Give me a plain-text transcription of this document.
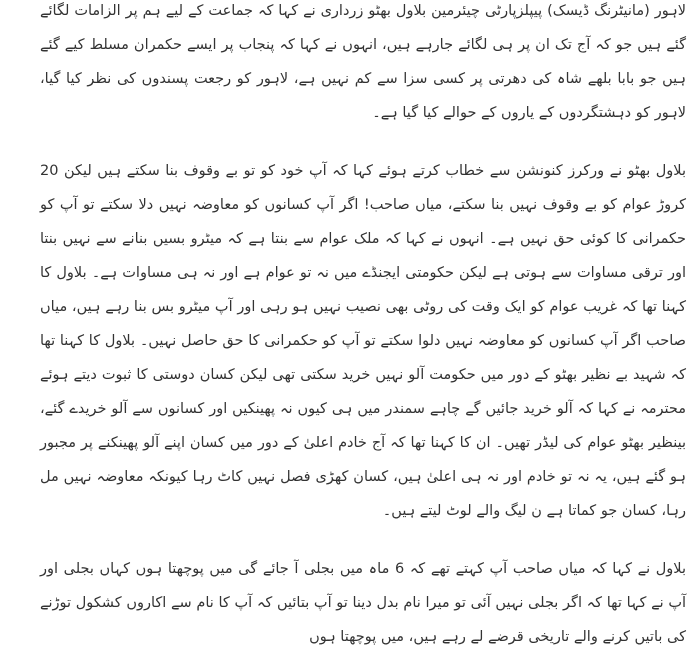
لاہور (مانیٹرنگ ڈیسک) پیپلزپارٹی چیئرمین بلاول بھٹو زرداری نے کہا کہ جماعت کے لیے ہم پر الزامات لگائے گئے ہیں جو کہ آج تک ان پر ہی لگائے جارہے ہیں، انہوں نے کہا کہ پنجاب پر ایسے حکمران مسلط کیے گئے ہیں جو بابا بلھے شاہ کی دھرتی پر کسی سزا سے کم نہیں ہے، لاہور کو رجعت پسندوں کی نظر کیا گیا، لاہور کو دہشتگردوں کے یاروں کے حوالے کیا گیا ہے۔

بلاول بھٹو نے ورکرز کنونشن سے خطاب کرتے ہوئے کہا کہ آپ خود کو تو بے وقوف بنا سکتے ہیں لیکن 20 کروڑ عوام کو بے وقوف نہیں بنا سکتے، میاں صاحب! اگر آپ کسانوں کو معاوضہ نہیں دلا سکتے تو آپ کو حکمرانی کا کوئی حق نہیں ہے۔ انہوں نے کہا کہ ملک عوام سے بنتا ہے کہ میٹرو بسیں بنانے سے نہیں بنتا اور ترقی مساوات سے ہوتی ہے لیکن حکومتی ایجنڈے میں نہ تو عوام ہے اور نہ ہی مساوات ہے۔ بلاول کا کہنا تھا کہ غریب عوام کو ایک وقت کی روٹی بھی نصیب نہیں ہو رہی اور آپ میٹرو بس بنا رہے ہیں، میاں صاحب اگر آپ کسانوں کو معاوضہ نہیں دلوا سکتے تو آپ کو حکمرانی کا حق حاصل نہیں۔ بلاول کا کہنا تھا کہ شہید بے نظیر بھٹو کے دور میں حکومت آلو نہیں خرید سکتی تھی لیکن کسان دوستی کا ثبوت دیتے ہوئے محترمہ نے کہا کہ آلو خرید جائیں گے چاہے سمندر میں ہی کیوں نہ پھینکیں اور کسانوں سے آلو خریدے گئے، بینظیر بھٹو عوام کی لیڈر تھیں۔ ان کا کہنا تھا کہ آج خادم اعلیٰ کے دور میں کسان اپنے آلو پھینکنے پر مجبور ہو گئے ہیں، یہ نہ تو خادم اور نہ ہی اعلیٰ ہیں، کسان کھڑی فصل نہیں کاٹ رہا کیونکہ معاوضہ نہیں مل رہا، کسان جو کماتا ہے ن لیگ والے لوٹ لیتے ہیں۔

بلاول نے کہا کہ میاں صاحب آپ کہتے تھے کہ 6 ماہ میں بجلی آ جائے گی میں پوچھتا ہوں کہاں بجلی اور آپ نے کہا تھا کہ اگر بجلی نہیں آئی تو میرا نام بدل دینا تو آپ بتائیں کہ آپ کا نام سے اکاروں کشکول توڑنے کی باتیں کرنے والے تاریخی قرضے لے رہے ہیں، میں پوچھتا ہوں
